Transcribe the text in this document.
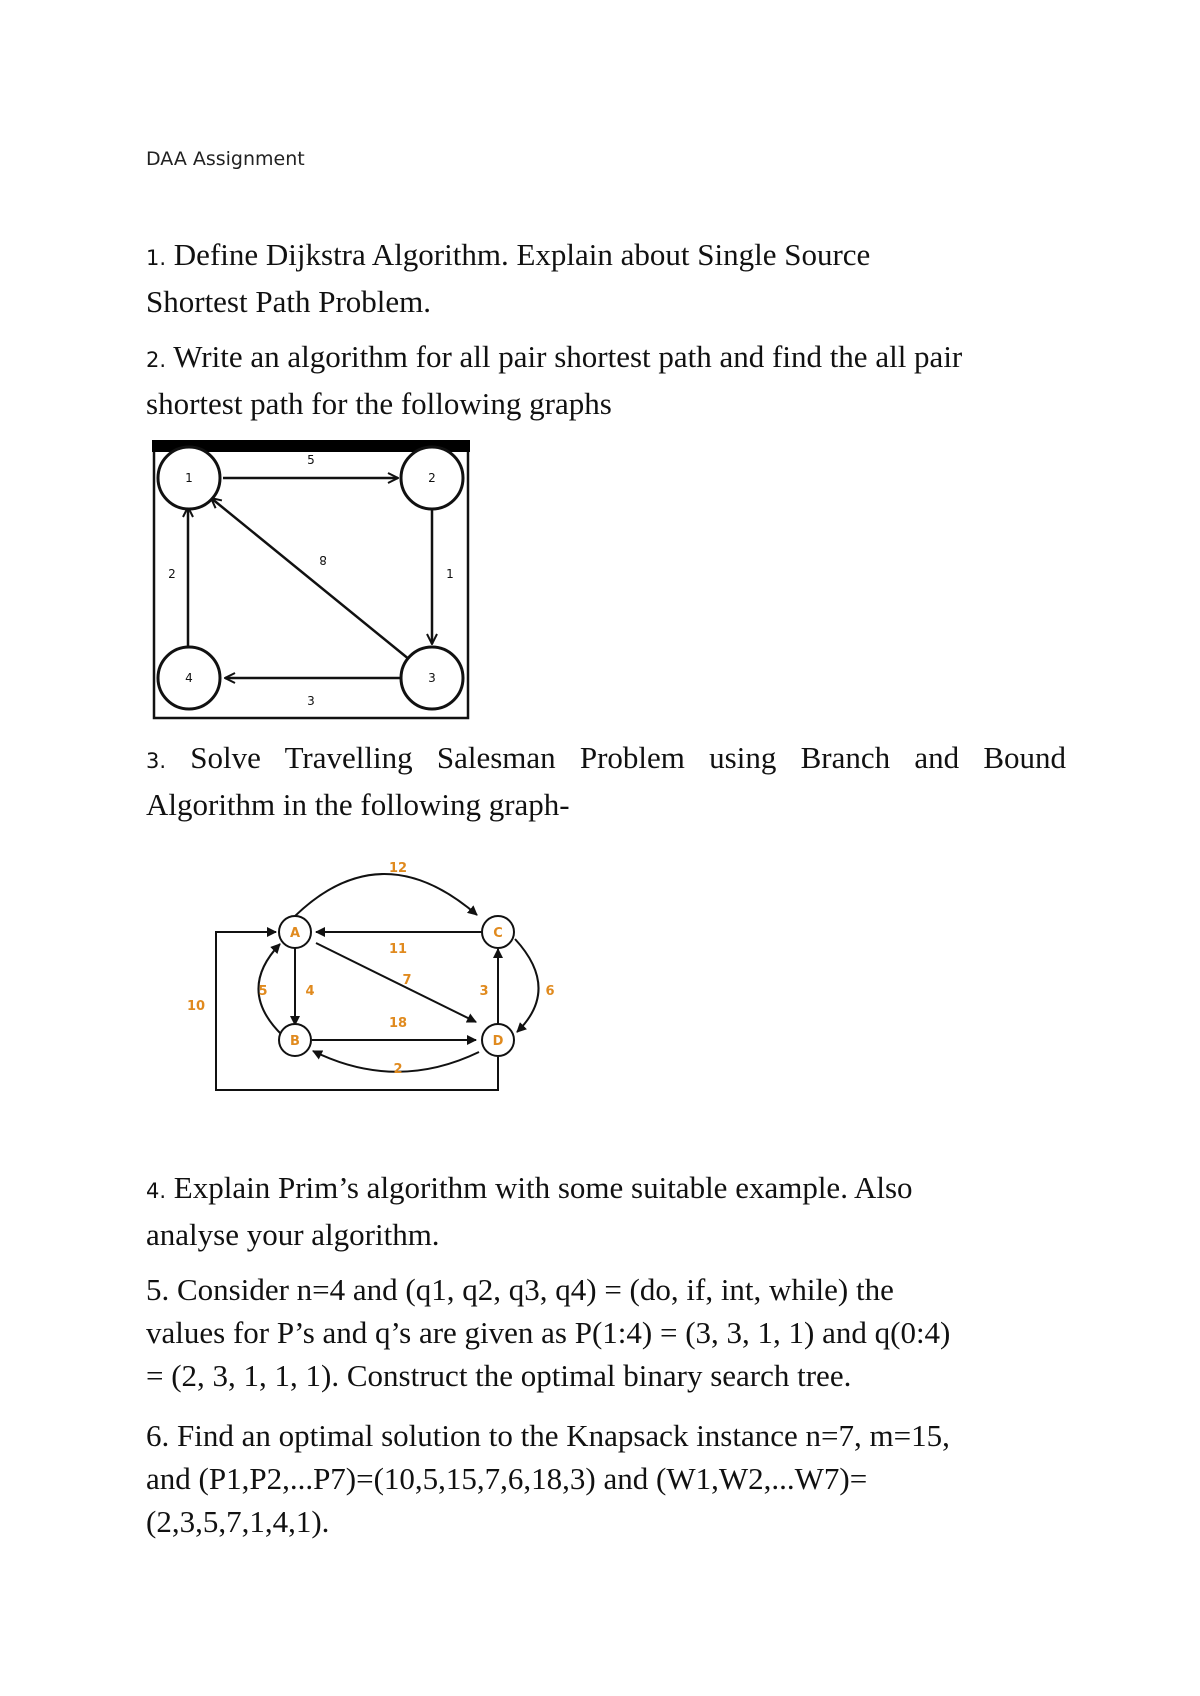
DAA Assignment
1. Define Dijkstra Algorithm. Explain about Single Source
Shortest Path Problem.
2. Write an algorithm for all pair shortest path and find the all pair
shortest path for the following graphs
1	2
3
4
5
1
3
2
8
3. Solve Travelling Salesman Problem using Branch and Bound
Algorithm in the following graph-
A
B
C
D
12
11
7
4
5
18
2
3	6
10
4. Explain Prim’s algorithm with some suitable example. Also
analyse your algorithm.
5. Consider n=4 and (q1, q2, q3, q4) = (do, if, int, while) the
values for P’s and q’s are given as P(1:4) = (3, 3, 1, 1) and q(0:4)
= (2, 3, 1, 1, 1). Construct the optimal binary search tree.
6. Find an optimal solution to the Knapsack instance n=7, m=15,
and (P1,P2,...P7)=(10,5,15,7,6,18,3) and (W1,W2,...W7)=
(2,3,5,7,1,4,1).
